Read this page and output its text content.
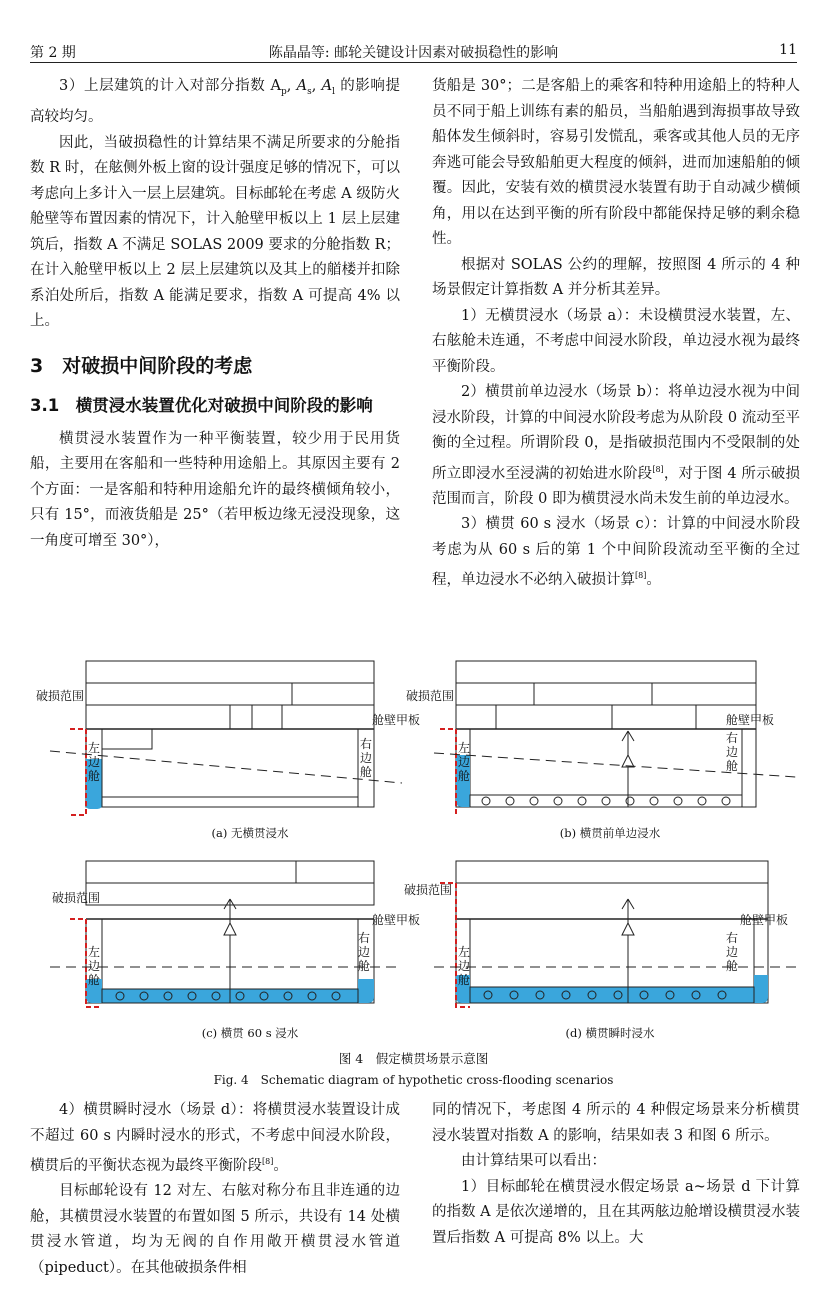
第 2 期	陈晶晶等: 邮轮关键设计因素对破损稳性的影响	11

3）上层建筑的计入对部分指数 $A_p$, $A_s$, $A_l$ 的影响提高较均匀。

因此，当破损稳性的计算结果不满足所要求的分舱指数 R 时，在舷侧外板上窗的设计强度足够的情况下，可以考虑向上多计入一层上层建筑。目标邮轮在考虑 A 级防火舱壁等布置因素的情况下，计入舱壁甲板以上 1 层上层建筑后，指数 A 不满足 SOLAS 2009 要求的分舱指数 R；在计入舱壁甲板以上 2 层上层建筑以及其上的艏楼并扣除系泊处所后，指数 A 能满足要求，指数 A 可提高 4% 以上。

3　对破损中间阶段的考虑
3.1　横贯浸水装置优化对破损中间阶段的影响

横贯浸水装置作为一种平衡装置，较少用于民用货船，主要用在客船和一些特种用途船上。其原因主要有 2 个方面：一是客船和特种用途船允许的最终横倾角较小，只有 15°，而液货船是 25°（若甲板边缘无浸没现象，这一角度可增至 30°），

货船是 30°；二是客船上的乘客和特种用途船上的特种人员不同于船上训练有素的船员，当船舶遇到海损事故导致船体发生倾斜时，容易引发慌乱，乘客或其他人员的无序奔逃可能会导致船舶更大程度的倾斜，进而加速船舶的倾覆。因此，安装有效的横贯浸水装置有助于自动减少横倾角，用以在达到平衡的所有阶段中都能保持足够的剩余稳性。

根据对 SOLAS 公约的理解，按照图 4 所示的 4 种场景假定计算指数 A 并分析其差异。

1）无横贯浸水（场景 a）：未设横贯浸水装置，左、右舷舱未连通，不考虑中间浸水阶段，单边浸水视为最终平衡阶段。

2）横贯前单边浸水（场景 b）：将单边浸水视为中间浸水阶段，计算的中间浸水阶段考虑为从阶段 0 流动至平衡的全过程。所谓阶段 0，是指破损范围内不受限制的处所立即浸水至浸满的初始进水阶段[8]，对于图 4 所示破损范围而言，阶段 0 即为横贯浸水尚未发生前的单边浸水。

3）横贯 60 s 浸水（场景 c）：计算的中间浸水阶段考虑为从 60 s 后的第 1 个中间阶段流动至平衡的全过程，单边浸水不必纳入破损计算[8]。

破损范围
舱壁甲板
左边舱
右边舱
(a) 无横贯浸水
破损范围
舱壁甲板
左边舱
右边舱
(b) 横贯前单边浸水
破损范围
舱壁甲板
左边舱
右边舱
(c) 横贯 60 s 浸水
破损范围
舱壁甲板
左边舱
右边舱
(d) 横贯瞬时浸水
图 4　假定横贯场景示意图
Fig. 4　Schematic diagram of hypothetic cross-flooding scenarios

4）横贯瞬时浸水（场景 d）：将横贯浸水装置设计成不超过 60 s 内瞬时浸水的形式，不考虑中间浸水阶段，横贯后的平衡状态视为最终平衡阶段[8]。

目标邮轮设有 12 对左、右舷对称分布且非连通的边舱，其横贯浸水装置的布置如图 5 所示，共设有 14 处横贯浸水管道，均为无阀的自作用敞开横贯浸水管道（pipeduct）。在其他破损条件相

同的情况下，考虑图 4 所示的 4 种假定场景来分析横贯浸水装置对指数 A 的影响，结果如表 3 和图 6 所示。

由计算结果可以看出：

1）目标邮轮在横贯浸水假定场景 a~场景 d 下计算的指数 A 是依次递增的，且在其两舷边舱增设横贯浸水装置后指数 A 可提高 8% 以上。大
